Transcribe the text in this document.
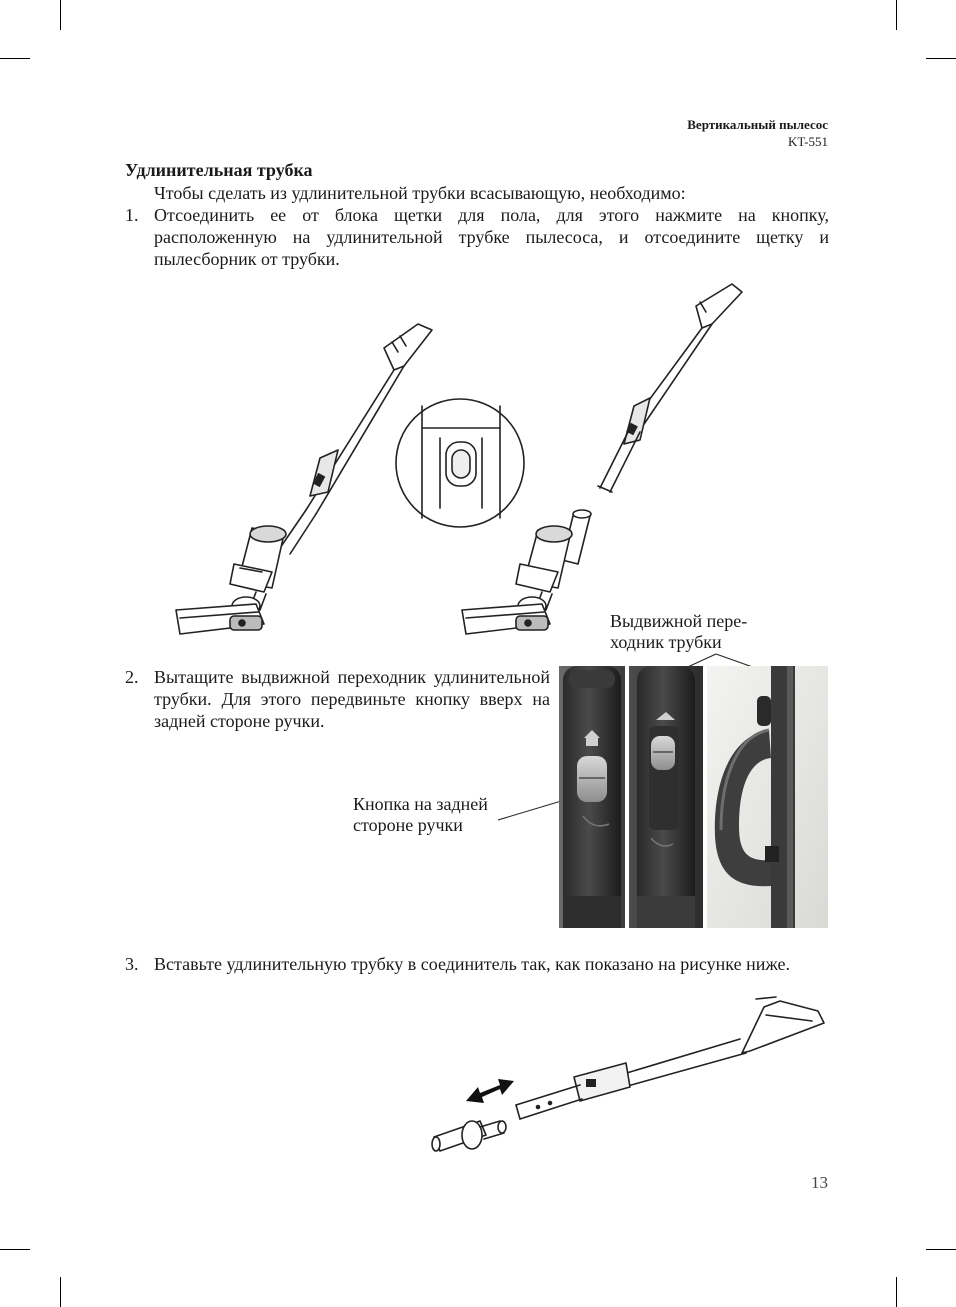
Вертикальный пылесос
KT-551
Удлинительная трубка
Чтобы сделать из удлинительной трубки всасывающую, необходимо:
1. Отсоединить ее от блока щетки для пола, для этого нажмите на кнопку, расположенную на удлинительной трубке пылесоса, и отсоедините щетку и пылесборник от трубки.
Выдвижной пере-
ходник трубки
2. Вытащите выдвижной переходник удлинительной трубки. Для этого передвиньте кнопку вверх на задней стороне ручки.
Кнопка на задней
стороне ручки
3. Вставьте удлинительную трубку в соединитель так, как показано на рисунке ниже.
13
